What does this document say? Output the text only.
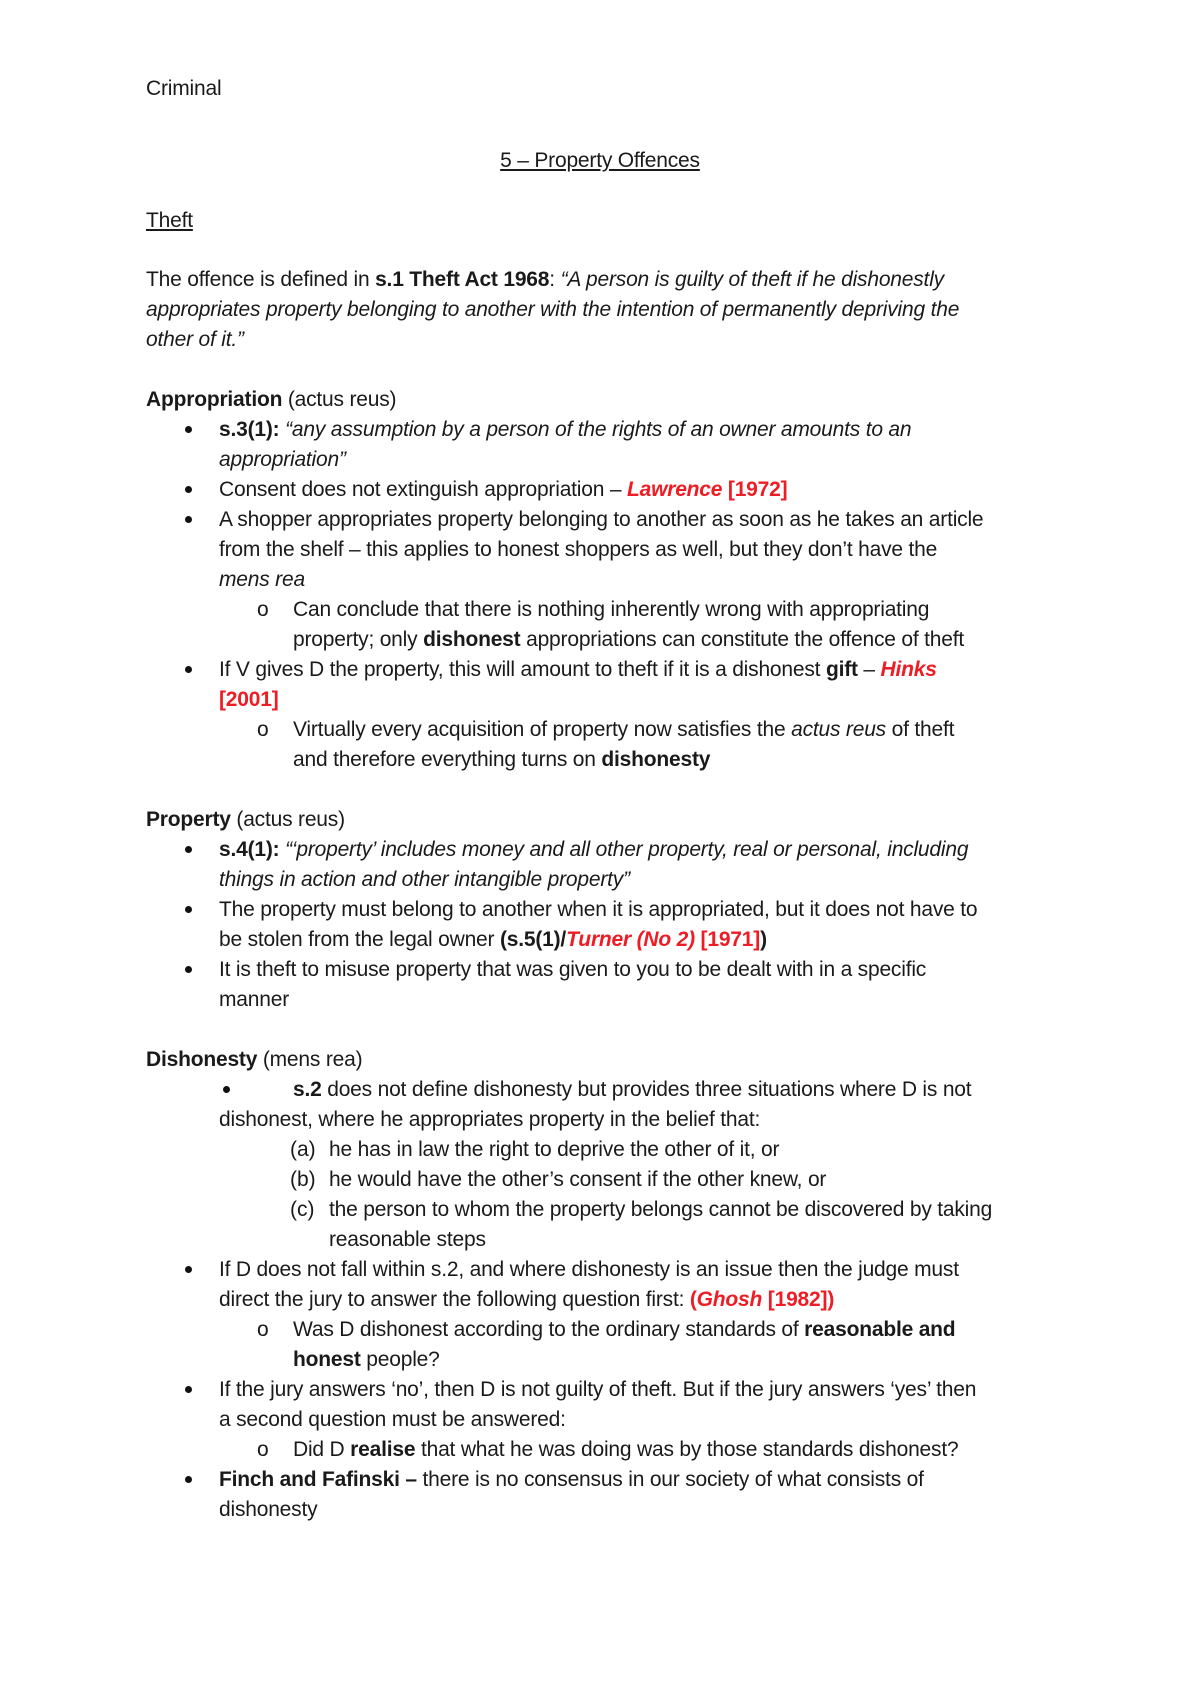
Criminal
5 – Property Offences
Theft
The offence is defined in s.1 Theft Act 1968: “A person is guilty of theft if he dishonestly
appropriates property belonging to another with the intention of permanently depriving the
other of it.”
Appropriation (actus reus)
s.3(1): “any assumption by a person of the rights of an owner amounts to an
appropriation”
Consent does not extinguish appropriation – Lawrence [1972]
A shopper appropriates property belonging to another as soon as he takes an article
from the shelf – this applies to honest shoppers as well, but they don’t have the
mens rea
o Can conclude that there is nothing inherently wrong with appropriating
property; only dishonest appropriations can constitute the offence of theft
If V gives D the property, this will amount to theft if it is a dishonest gift – Hinks
[2001]
o Virtually every acquisition of property now satisfies the actus reus of theft
and therefore everything turns on dishonesty
Property (actus reus)
s.4(1): “‘property’ includes money and all other property, real or personal, including
things in action and other intangible property”
The property must belong to another when it is appropriated, but it does not have to
be stolen from the legal owner (s.5(1)/Turner (No 2) [1971])
It is theft to misuse property that was given to you to be dealt with in a specific
manner
Dishonesty (mens rea)
s.2 does not define dishonesty but provides three situations where D is not
dishonest, where he appropriates property in the belief that:
(a) he has in law the right to deprive the other of it, or
(b) he would have the other’s consent if the other knew, or
(c) the person to whom the property belongs cannot be discovered by taking
reasonable steps
If D does not fall within s.2, and where dishonesty is an issue then the judge must
direct the jury to answer the following question first: (Ghosh [1982])
o Was D dishonest according to the ordinary standards of reasonable and
honest people?
If the jury answers ‘no’, then D is not guilty of theft. But if the jury answers ‘yes’ then
a second question must be answered:
o Did D realise that what he was doing was by those standards dishonest?
Finch and Fafinski – there is no consensus in our society of what consists of
dishonesty
